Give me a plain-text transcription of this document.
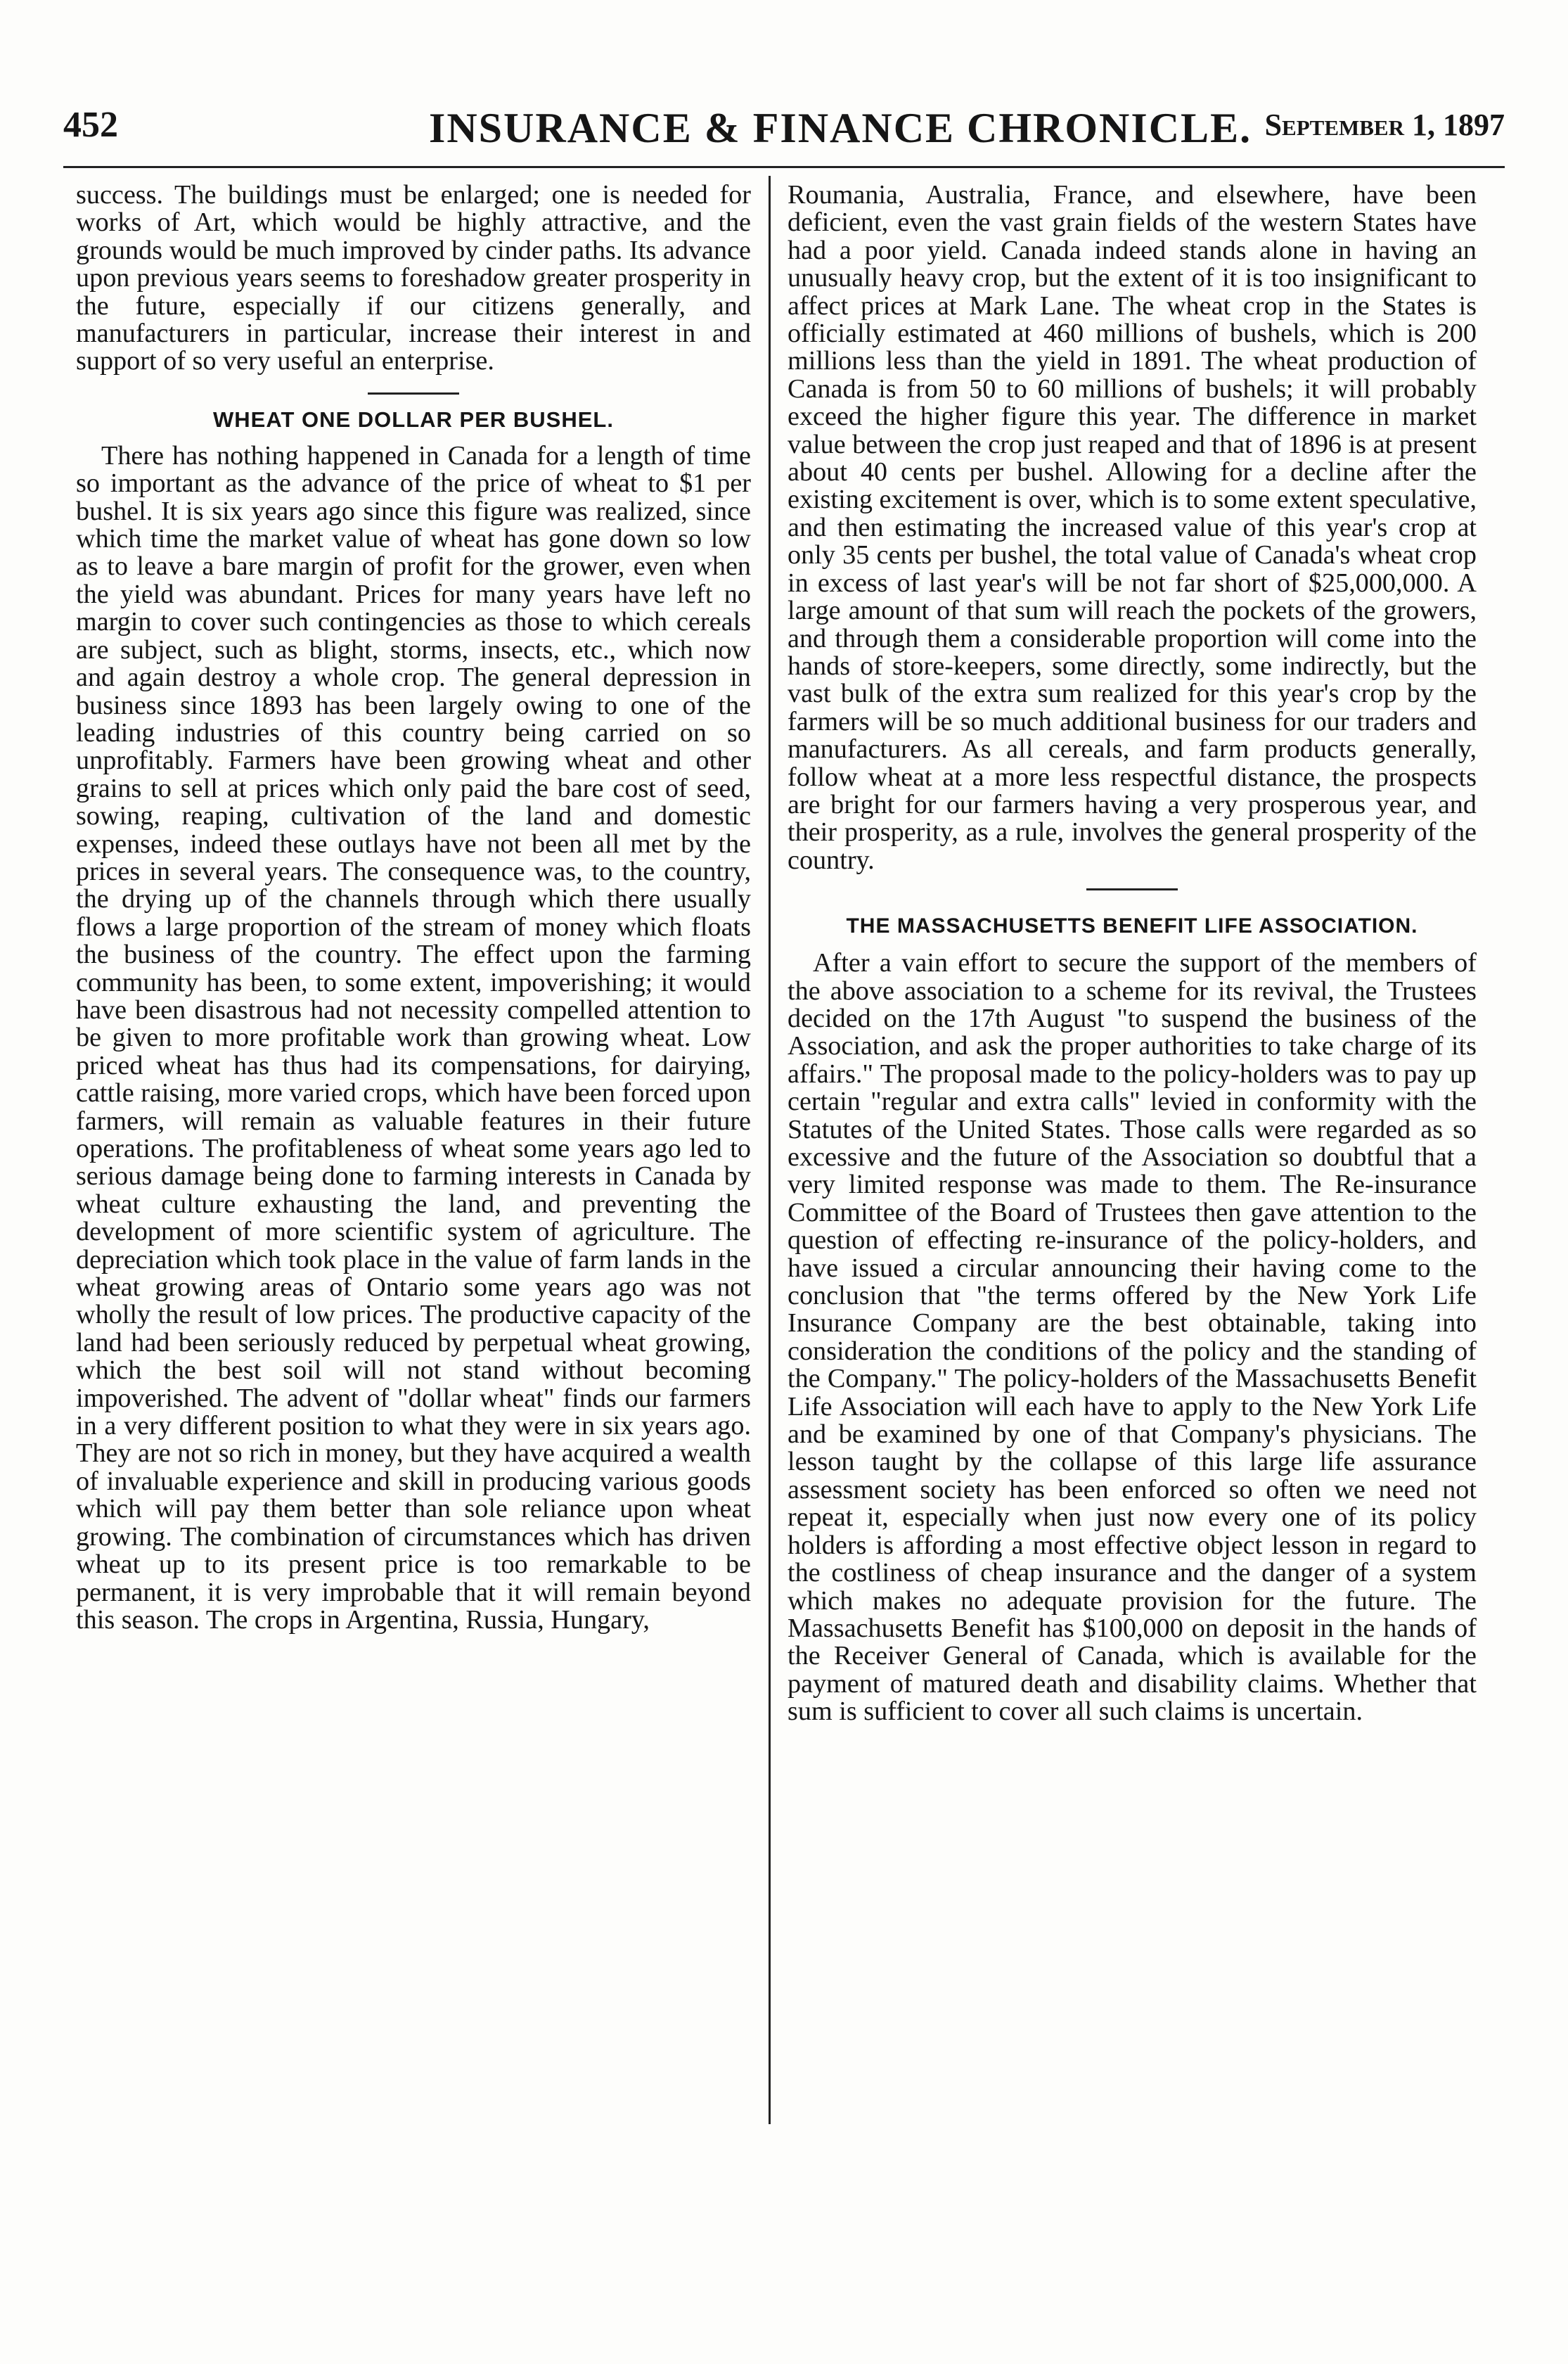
452	INSURANCE & FINANCE CHRONICLE. September 1, 1897

success. The buildings must be enlarged; one is needed for works of Art, which would be highly attractive, and the grounds would be much improved by cinder paths. Its advance upon previous years seems to foreshadow greater prosperity in the future, especially if our citizens generally, and manufacturers in particular, increase their interest in and support of so very useful an enterprise.

WHEAT ONE DOLLAR PER BUSHEL.

There has nothing happened in Canada for a length of time so important as the advance of the price of wheat to $1 per bushel. It is six years ago since this figure was realized, since which time the market value of wheat has gone down so low as to leave a bare margin of profit for the grower, even when the yield was abundant. Prices for many years have left no margin to cover such contingencies as those to which cereals are subject, such as blight, storms, insects, etc., which now and again destroy a whole crop. The general depression in business since 1893 has been largely owing to one of the leading industries of this country being carried on so unprofitably. Farmers have been growing wheat and other grains to sell at prices which only paid the bare cost of seed, sowing, reaping, cultivation of the land and domestic expenses, indeed these outlays have not been all met by the prices in several years. The consequence was, to the country, the drying up of the channels through which there usually flows a large proportion of the stream of money which floats the business of the country. The effect upon the farming community has been, to some extent, impoverishing; it would have been disastrous had not necessity compelled attention to be given to more profitable work than growing wheat. Low priced wheat has thus had its compensations, for dairying, cattle raising, more varied crops, which have been forced upon farmers, will remain as valuable features in their future operations. The profitableness of wheat some years ago led to serious damage being done to farming interests in Canada by wheat culture exhausting the land, and preventing the development of more scientific system of agriculture. The depreciation which took place in the value of farm lands in the wheat growing areas of Ontario some years ago was not wholly the result of low prices. The productive capacity of the land had been seriously reduced by perpetual wheat growing, which the best soil will not stand without becoming impoverished. The advent of "dollar wheat" finds our farmers in a very different position to what they were in six years ago. They are not so rich in money, but they have acquired a wealth of invaluable experience and skill in producing various goods which will pay them better than sole reliance upon wheat growing. The combination of circumstances which has driven wheat up to its present price is too remarkable to be permanent, it is very improbable that it will remain beyond this season. The crops in Argentina, Russia, Hungary,

Roumania, Australia, France, and elsewhere, have been deficient, even the vast grain fields of the western States have had a poor yield. Canada indeed stands alone in having an unusually heavy crop, but the extent of it is too insignificant to affect prices at Mark Lane. The wheat crop in the States is officially estimated at 460 millions of bushels, which is 200 millions less than the yield in 1891. The wheat production of Canada is from 50 to 60 millions of bushels; it will probably exceed the higher figure this year. The difference in market value between the crop just reaped and that of 1896 is at present about 40 cents per bushel. Allowing for a decline after the existing excitement is over, which is to some extent speculative, and then estimating the increased value of this year's crop at only 35 cents per bushel, the total value of Canada's wheat crop in excess of last year's will be not far short of $25,000,000. A large amount of that sum will reach the pockets of the growers, and through them a considerable proportion will come into the hands of store-keepers, some directly, some indirectly, but the vast bulk of the extra sum realized for this year's crop by the farmers will be so much additional business for our traders and manufacturers. As all cereals, and farm products generally, follow wheat at a more less respectful distance, the prospects are bright for our farmers having a very prosperous year, and their prosperity, as a rule, involves the general prosperity of the country.

THE MASSACHUSETTS BENEFIT LIFE ASSOCIATION.

After a vain effort to secure the support of the members of the above association to a scheme for its revival, the Trustees decided on the 17th August "to suspend the business of the Association, and ask the proper authorities to take charge of its affairs." The proposal made to the policy-holders was to pay up certain "regular and extra calls" levied in conformity with the Statutes of the United States. Those calls were regarded as so excessive and the future of the Association so doubtful that a very limited response was made to them. The Re-insurance Committee of the Board of Trustees then gave attention to the question of effecting re-insurance of the policy-holders, and have issued a circular announcing their having come to the conclusion that "the terms offered by the New York Life Insurance Company are the best obtainable, taking into consideration the conditions of the policy and the standing of the Company." The policy-holders of the Massachusetts Benefit Life Association will each have to apply to the New York Life and be examined by one of that Company's physicians. The lesson taught by the collapse of this large life assurance assessment society has been enforced so often we need not repeat it, especially when just now every one of its policy holders is affording a most effective object lesson in regard to the costliness of cheap insurance and the danger of a system which makes no adequate provision for the future. The Massachusetts Benefit has $100,000 on deposit in the hands of the Receiver General of Canada, which is available for the payment of matured death and disability claims. Whether that sum is sufficient to cover all such claims is uncertain.
